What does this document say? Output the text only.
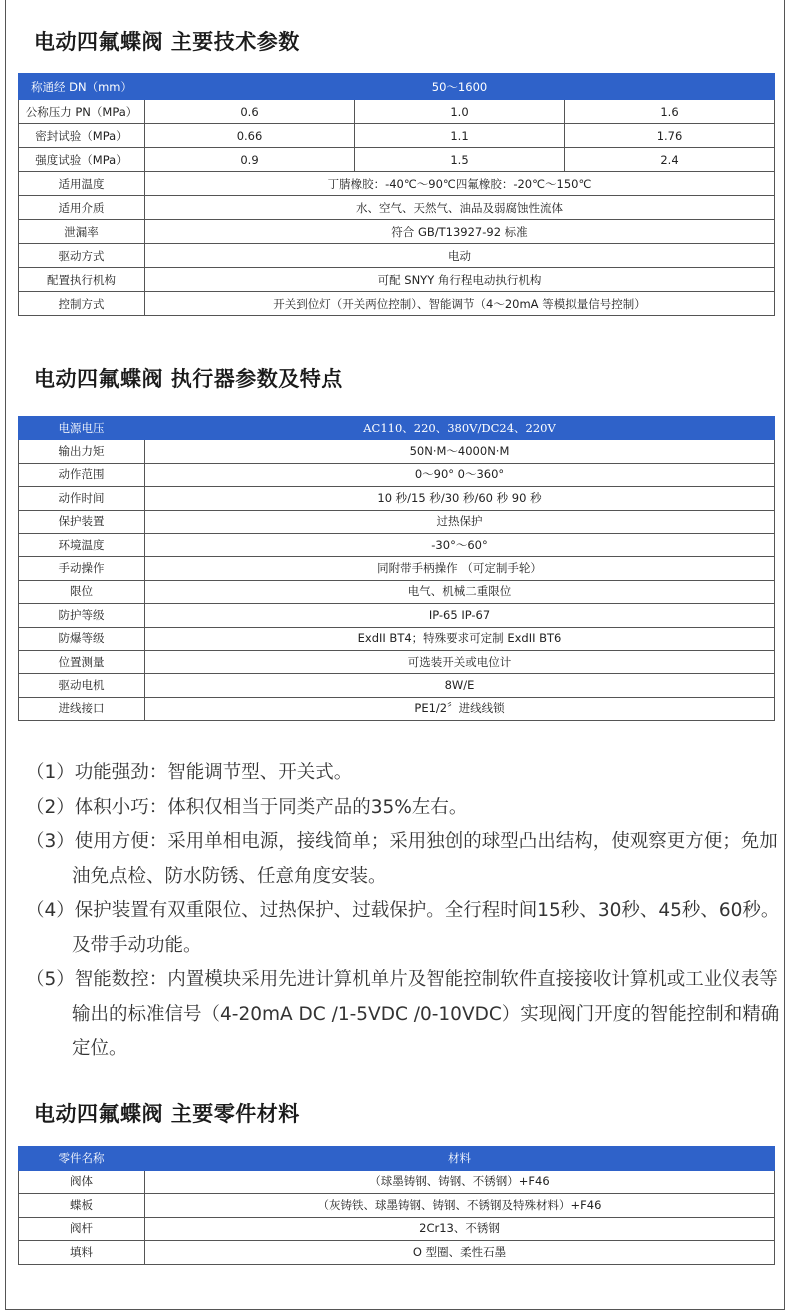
电动四氟蝶阀 主要技术参数
称通经 DN（mm）	50～1600		
公称压力 PN（MPa）	0.6	1.0	1.6
密封试验（MPa）	0.66	1.1	1.76
强度试验（MPa）	0.9	1.5	2.4
适用温度	丁腈橡胶：-40℃～90℃四氟橡胶：-20℃～150℃		
适用介质	水、空气、天然气、油品及弱腐蚀性流体		
泄漏率	符合 GB/T13927-92 标准		
驱动方式	电动		
配置执行机构	可配 SNYY 角行程电动执行机构		
控制方式	开关到位灯（开关两位控制）、智能调节（4～20mA 等模拟量信号控制）		
电动四氟蝶阀 执行器参数及特点
电源电压	AC110、220、380V/DC24、220V
输出力矩	50N·M～4000N·M
动作范围	0～90° 0～360°
动作时间	10 秒/15 秒/30 秒/60 秒 90 秒
保护装置	过热保护
环境温度	-30°～60°
手动操作	同附带手柄操作 （可定制手轮）
限位	电气、机械二重限位
防护等级	IP-65 IP-67
防爆等级	ExdII BT4；特殊要求可定制 ExdII BT6
位置测量	可选装开关或电位计
驱动电机	8W/E
进线接口	PE1/2〞进线线锁
（1）功能强劲：智能调节型、开关式。
（2）体积小巧：体积仅相当于同类产品的35%左右。
（3）使用方便：采用单相电源，接线简单；采用独创的球型凸出结构，使观察更方便；免加油免点检、防水防锈、任意角度安装。
（4）保护装置有双重限位、过热保护、过载保护。全行程时间15秒、30秒、45秒、60秒。及带手动功能。
（5）智能数控：内置模块采用先进计算机单片及智能控制软件直接接收计算机或工业仪表等输出的标准信号（4-20mA DC /1-5VDC /0-10VDC）实现阀门开度的智能控制和精确定位。
电动四氟蝶阀 主要零件材料
零件名称	材料
阀体	（球墨铸钢、铸钢、不锈钢）+F46
蝶板	（灰铸铁、球墨铸钢、铸钢、不锈钢及特殊材料）+F46
阀杆	2Cr13、不锈钢
填料	O 型圈、柔性石墨
